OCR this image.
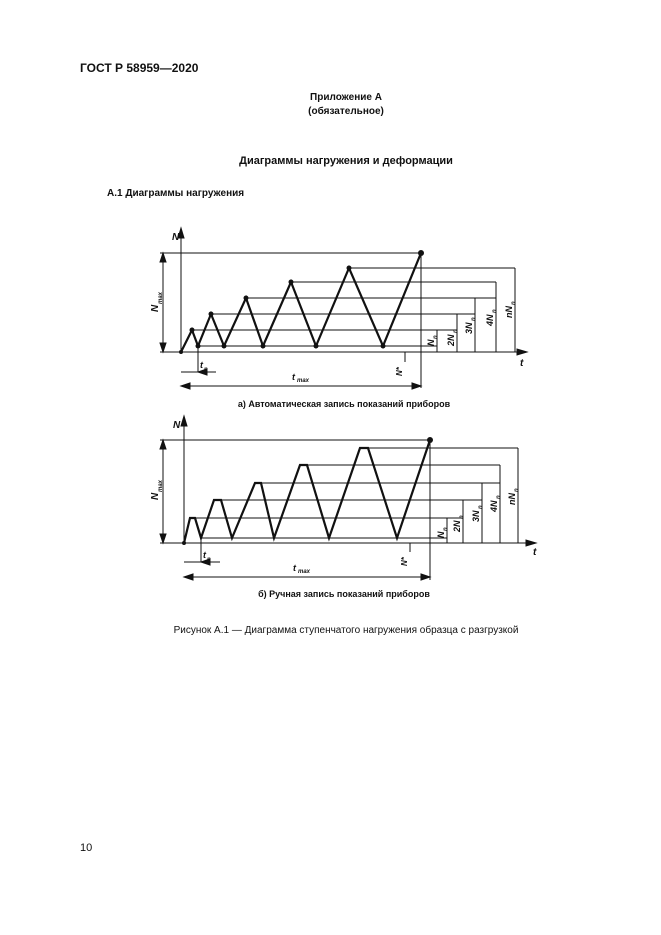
ГОСТ Р 58959—2020
Приложение А
(обязательное)
Диаграммы нагружения и деформации
А.1 Диаграммы нагружения
N
t
N
max
N
n 2N
n 3N
n 4N
n nN
n
t n
t max
N*
а) Автоматическая запись показаний приборов
N
t
N
max
N
n 2N
n 3N
n 4N
n nN
n
t n
t max
N*
б) Ручная запись показаний приборов
Рисунок А.1 — Диаграмма ступенчатого нагружения образца с разгрузкой
10
